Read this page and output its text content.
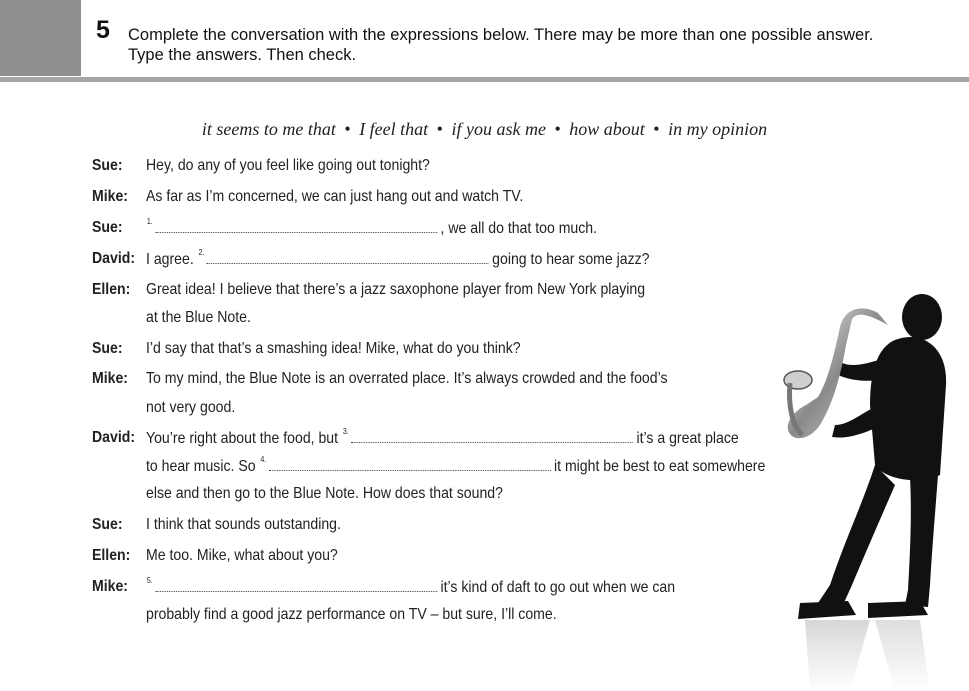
5 Complete the conversation with the expressions below. There may be more than one possible answer.
Type the answers. Then check.
it seems to me that • I feel that • if you ask me • how about • in my opinion
Sue: Hey, do any of you feel like going out tonight?
Mike: As far as I’m concerned, we can just hang out and watch TV.
Sue:	$^{1.}$	, we all do that too much.
David: I agree. $^{2.}$	going to hear some jazz?
Ellen: Great idea! I believe that there’s a jazz saxophone player from New York playing
at the Blue Note.
Sue: I’d say that that’s a smashing idea! Mike, what do you think?
Mike: To my mind, the Blue Note is an overrated place. It’s always crowded and the food’s
not very good.
David: You’re right about the food, but $^{3.}$	it’s a great place
to hear music. So $^{4.}$	it might be best to eat somewhere
else and then go to the Blue Note. How does that sound?
Sue: I think that sounds outstanding.
Ellen: Me too. Mike, what about you?
Mike: $^{5.}$	it’s kind of daft to go out when we can
probably find a good jazz performance on TV – but sure, I’ll come.
